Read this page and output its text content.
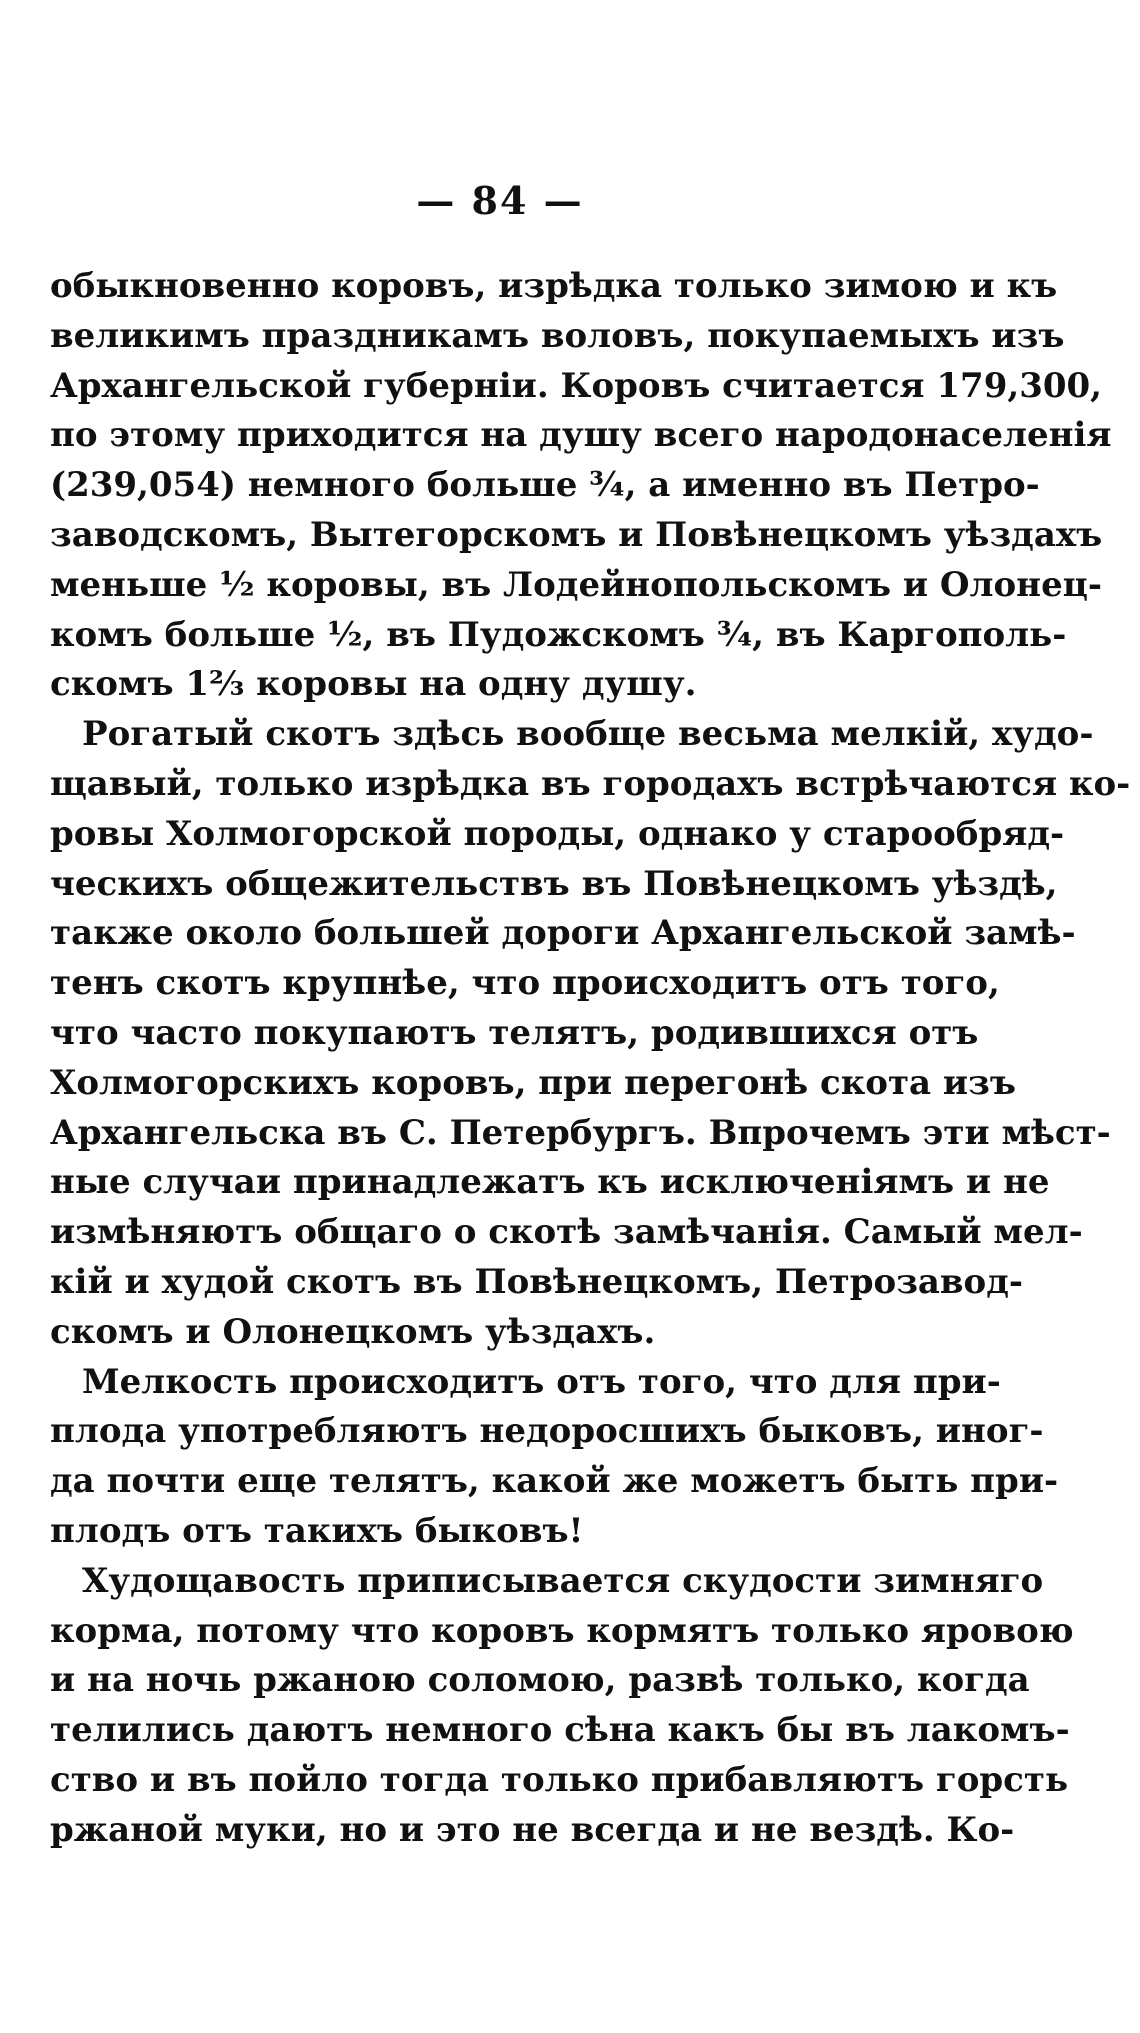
— 84 —
обыкновенно коровъ, изрѣдка только зимою и къ
великимъ праздникамъ воловъ, покупаемыхъ изъ
Архангельской губерніи. Коровъ считается 179,300,
по этому приходится на душу всего народонаселенія
(239,054) немного больше ¾, а именно въ Петро-
заводскомъ, Вытегорскомъ и Повѣнецкомъ уѣздахъ
меньше ½ коровы, въ Лодейнопольскомъ и Олонец-
комъ больше ½, въ Пудожскомъ ¾, въ Каргополь-
скомъ 1⅔ коровы на одну душу.
Рогатый скотъ здѣсь вообще весьма мелкій, худо-
щавый, только изрѣдка въ городахъ встрѣчаются ко-
ровы Холмогорской породы, однако у старообряд-
ческихъ общежительствъ въ Повѣнецкомъ уѣздѣ,
также около большей дороги Архангельской замѣ-
тенъ скотъ крупнѣе, что происходитъ отъ того,
что часто покупаютъ телятъ, родившихся отъ
Холмогорскихъ коровъ, при перегонѣ скота изъ
Архангельска въ С. Петербургъ. Впрочемъ эти мѣст-
ные случаи принадлежатъ къ исключеніямъ и не
измѣняютъ общаго о скотѣ замѣчанія. Самый мел-
кій и худой скотъ въ Повѣнецкомъ, Петрозавод-
скомъ и Олонецкомъ уѣздахъ.
Мелкость происходитъ отъ того, что для при-
плода употребляютъ недоросшихъ быковъ, иног-
да почти еще телятъ, какой же можетъ быть при-
плодъ отъ такихъ быковъ!
Худощавость приписывается скудости зимняго
корма, потому что коровъ кормятъ только яровою
и на ночь ржаною соломою, развѣ только, когда
телились даютъ немного сѣна какъ бы въ лакомъ-
ство и въ пойло тогда только прибавляютъ горсть
ржаной муки, но и это не всегда и не вездѣ. Ко-
